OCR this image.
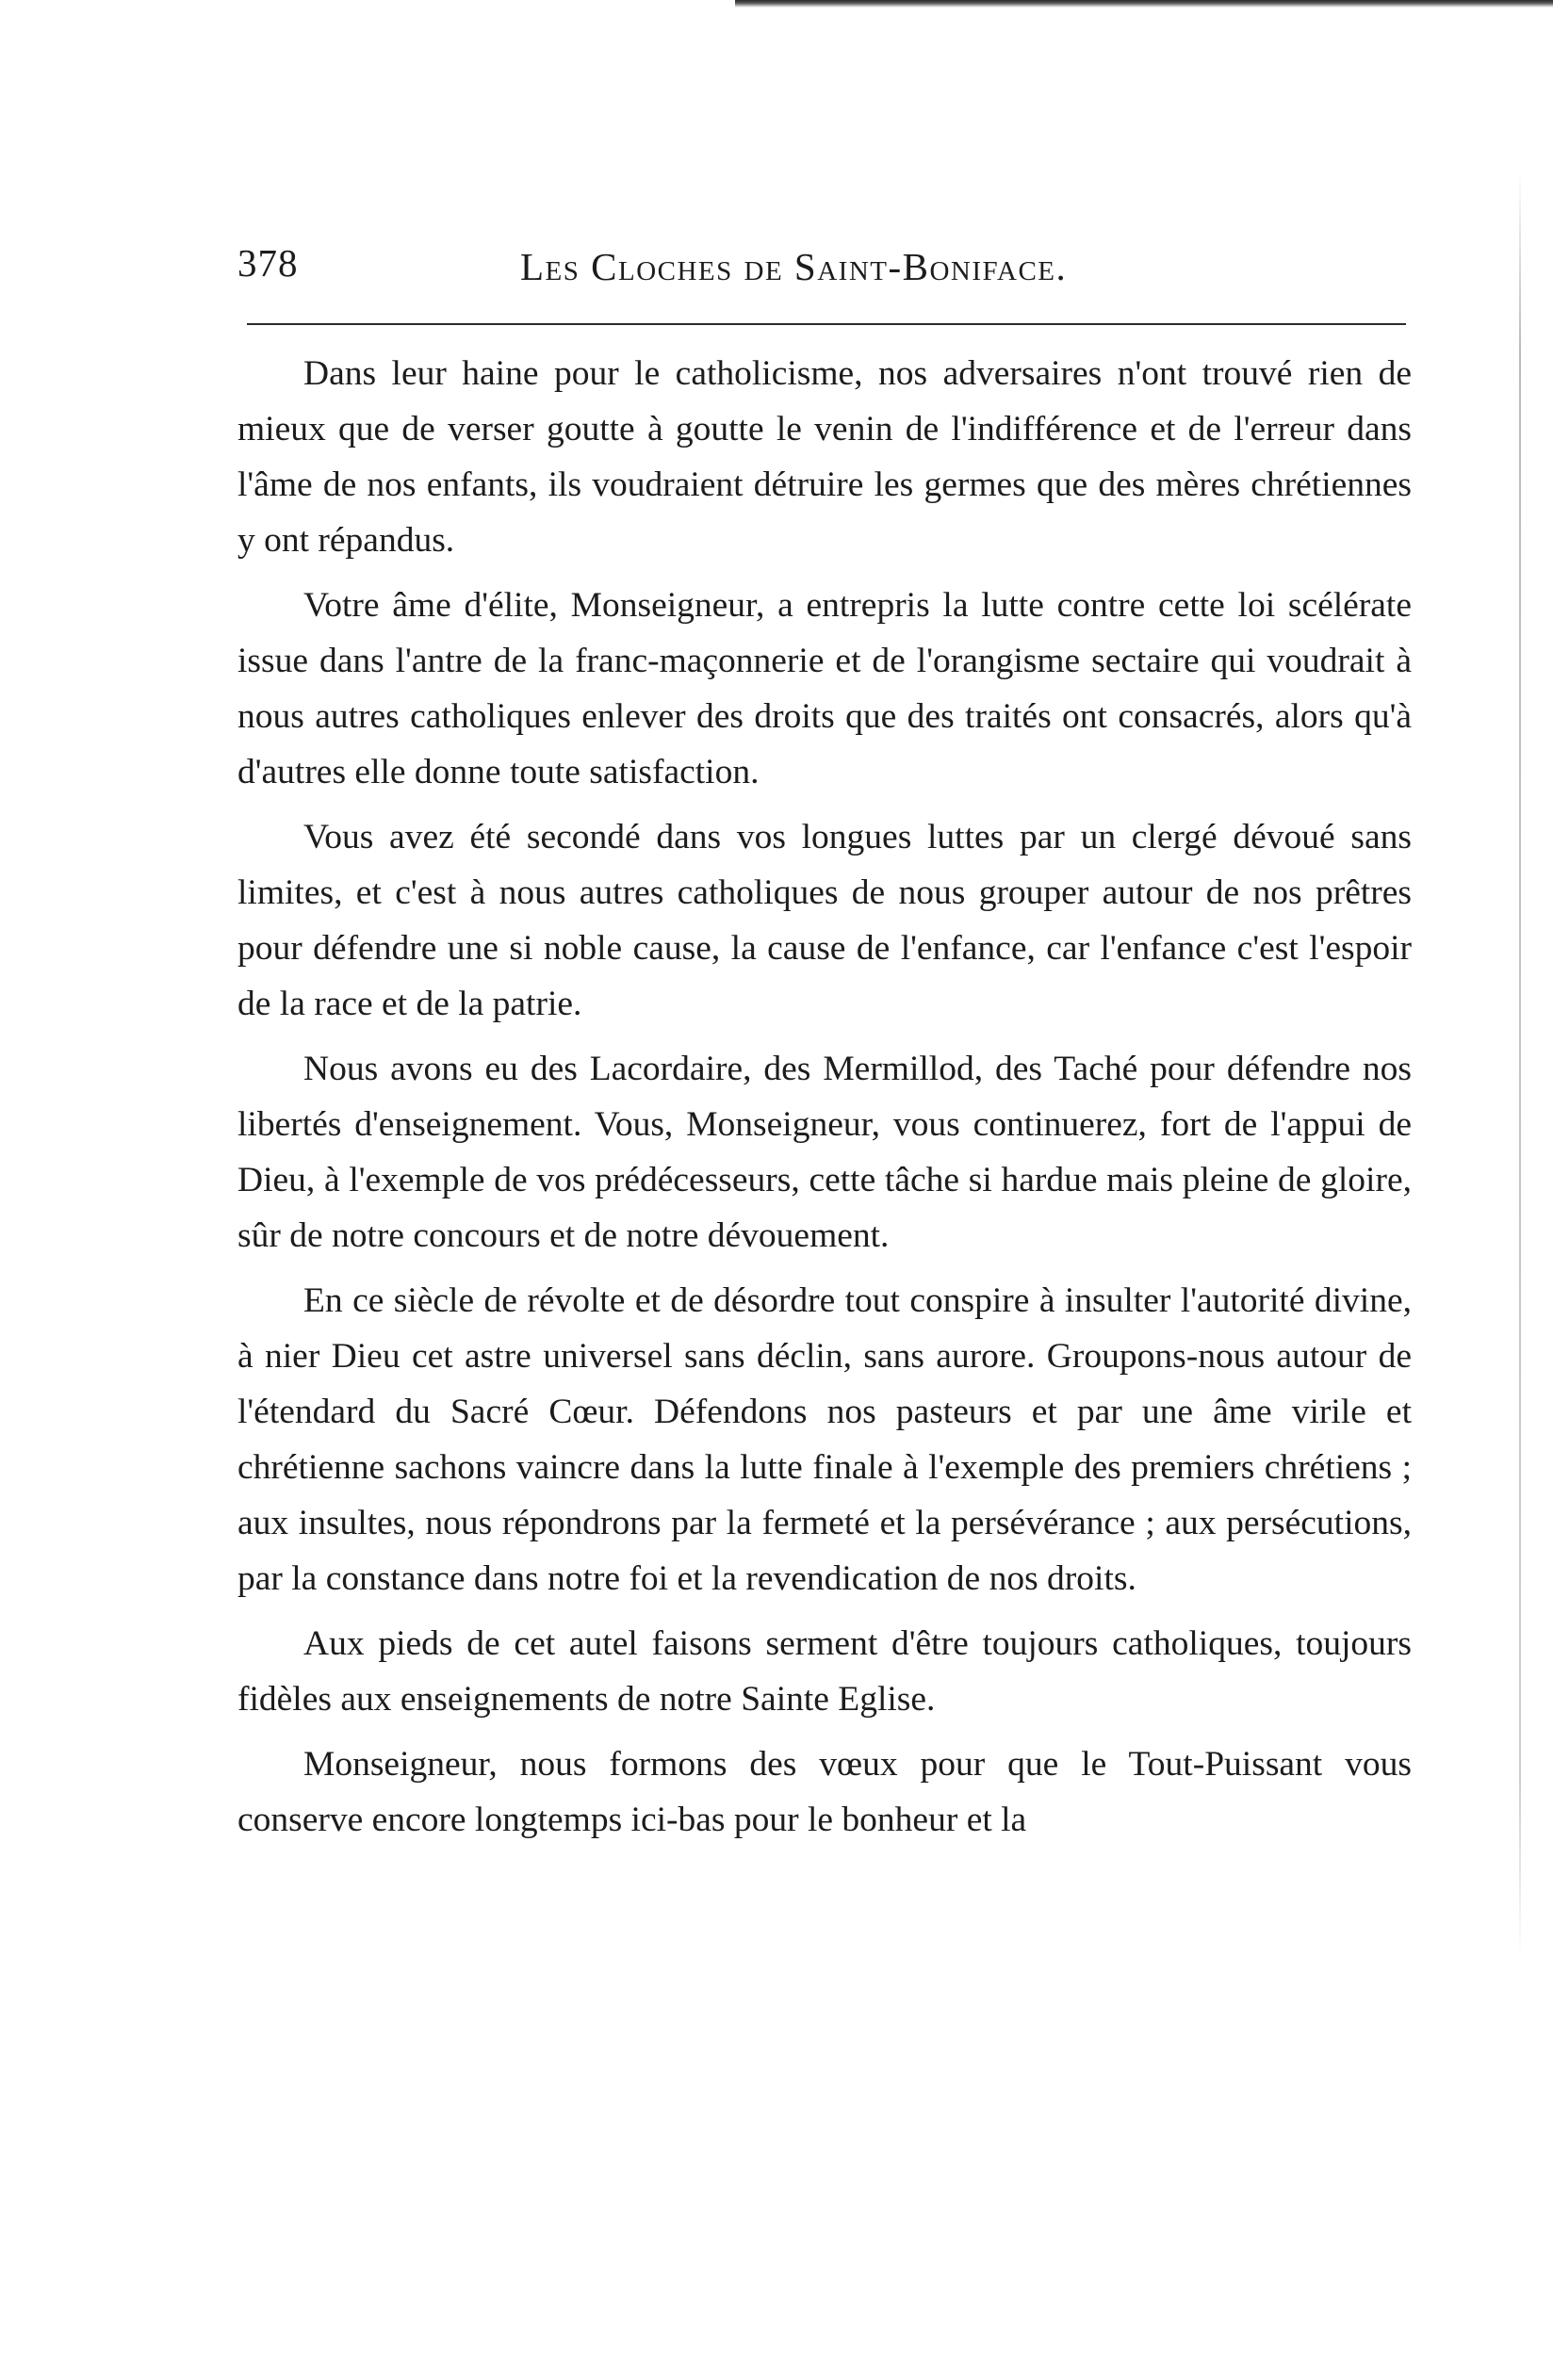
378	Les Cloches de Saint-Boniface.

Dans leur haine pour le catholicisme, nos adversaires n'ont trouvé rien de mieux que de verser goutte à goutte le venin de l'indifférence et de l'erreur dans l'âme de nos enfants, ils voudraient détruire les germes que des mères chrétiennes y ont répandus.

Votre âme d'élite, Monseigneur, a entrepris la lutte contre cette loi scélérate issue dans l'antre de la franc-maçonnerie et de l'orangisme sectaire qui voudrait à nous autres catholiques enlever des droits que des traités ont consacrés, alors qu'à d'autres elle donne toute satisfaction.

Vous avez été secondé dans vos longues luttes par un clergé dévoué sans limites, et c'est à nous autres catholiques de nous grouper autour de nos prêtres pour défendre une si noble cause, la cause de l'enfance, car l'enfance c'est l'espoir de la race et de la patrie.

Nous avons eu des Lacordaire, des Mermillod, des Taché pour défendre nos libertés d'enseignement. Vous, Monseigneur, vous continuerez, fort de l'appui de Dieu, à l'exemple de vos prédécesseurs, cette tâche si hardue mais pleine de gloire, sûr de notre concours et de notre dévouement.

En ce siècle de révolte et de désordre tout conspire à insulter l'autorité divine, à nier Dieu cet astre universel sans déclin, sans aurore. Groupons-nous autour de l'étendard du Sacré Cœur. Défendons nos pasteurs et par une âme virile et chrétienne sachons vaincre dans la lutte finale à l'exemple des premiers chrétiens ; aux insultes, nous répondrons par la fermeté et la persévérance ; aux persécutions, par la constance dans notre foi et la revendication de nos droits.

Aux pieds de cet autel faisons serment d'être toujours catholiques, toujours fidèles aux enseignements de notre Sainte Eglise.

Monseigneur, nous formons des vœux pour que le Tout-Puissant vous conserve encore longtemps ici-bas pour le bonheur et la
